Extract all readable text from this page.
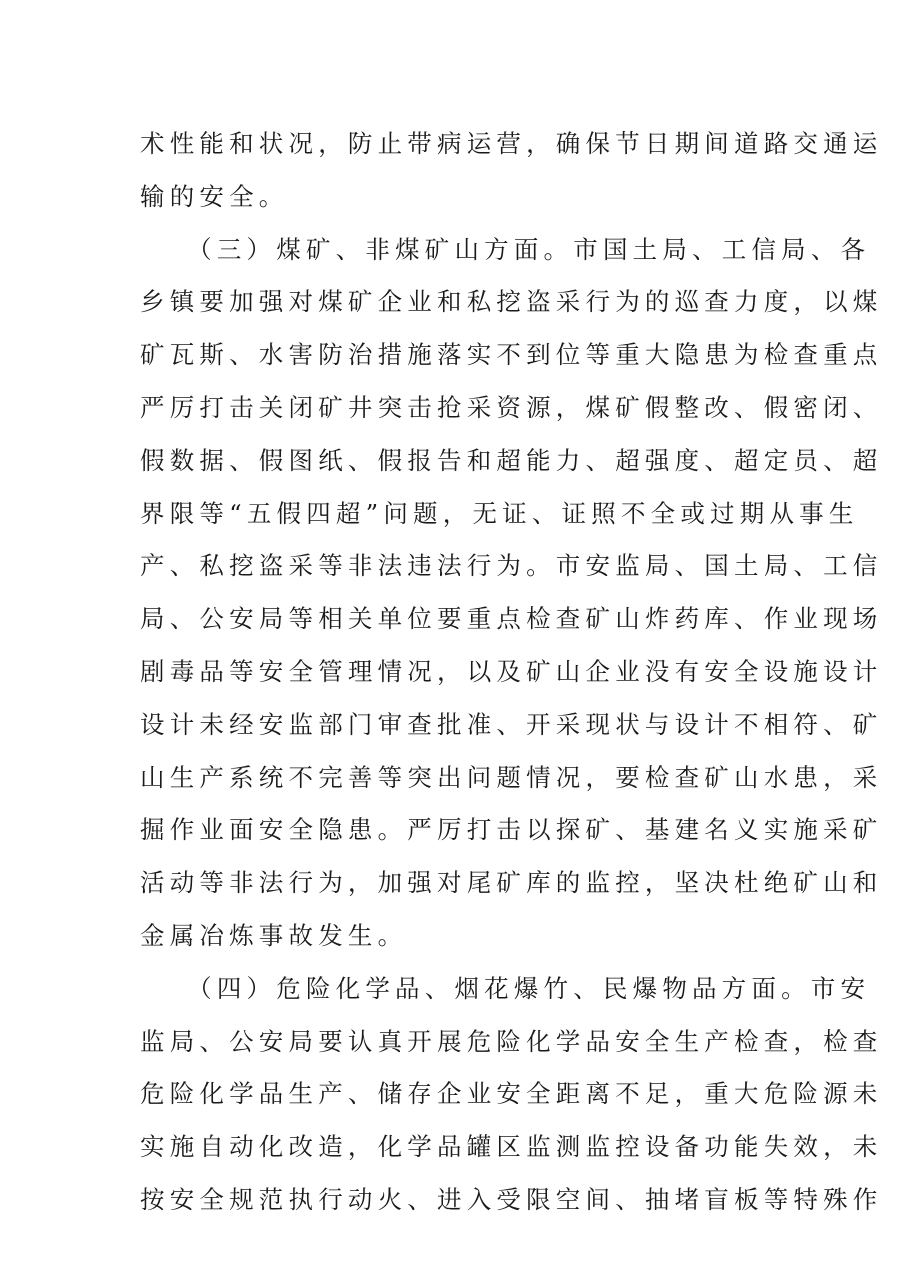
术性能和状况，防止带病运营，确保节日期间道路交通运
输的安全。
　　（三）煤矿、非煤矿山方面。市国土局、工信局、各
乡镇要加强对煤矿企业和私挖盗采行为的巡查力度，以煤
矿瓦斯、水害防治措施落实不到位等重大隐患为检查重点
严厉打击关闭矿井突击抢采资源，煤矿假整改、假密闭、
假数据、假图纸、假报告和超能力、超强度、超定员、超
界限等“五假四超”问题，无证、证照不全或过期从事生
产、私挖盗采等非法违法行为。市安监局、国土局、工信
局、公安局等相关单位要重点检查矿山炸药库、作业现场
剧毒品等安全管理情况，以及矿山企业没有安全设施设计
设计未经安监部门审查批准、开采现状与设计不相符、矿
山生产系统不完善等突出问题情况，要检查矿山水患，采
掘作业面安全隐患。严厉打击以探矿、基建名义实施采矿
活动等非法行为，加强对尾矿库的监控，坚决杜绝矿山和
金属冶炼事故发生。
　　（四）危险化学品、烟花爆竹、民爆物品方面。市安
监局、公安局要认真开展危险化学品安全生产检查，检查
危险化学品生产、储存企业安全距离不足，重大危险源未
实施自动化改造，化学品罐区监测监控设备功能失效，未
按安全规范执行动火、进入受限空间、抽堵盲板等特殊作
